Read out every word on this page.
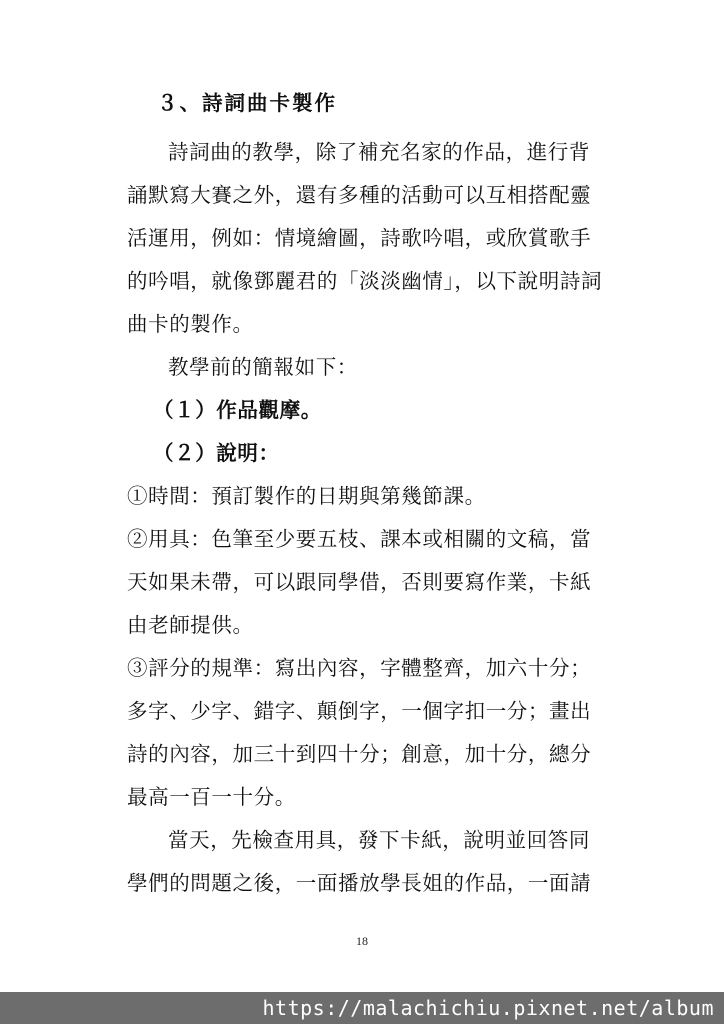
３、詩詞曲卡製作
詩詞曲的教學，除了補充名家的作品，進行背
誦默寫大賽之外，還有多種的活動可以互相搭配靈
活運用，例如：情境繪圖，詩歌吟唱，或欣賞歌手
的吟唱，就像鄧麗君的「淡淡幽情」，以下說明詩詞
曲卡的製作。
教學前的簡報如下：
（１）作品觀摩。
（２）說明：
①時間：預訂製作的日期與第幾節課。
②用具：色筆至少要五枝、課本或相關的文稿，當
天如果未帶，可以跟同學借，否則要寫作業，卡紙
由老師提供。
③評分的規準：寫出內容，字體整齊，加六十分；
多字、少字、錯字、顛倒字，一個字扣一分；畫出
詩的內容，加三十到四十分；創意，加十分，總分
最高一百一十分。
當天，先檢查用具，發下卡紙，說明並回答同
學們的問題之後，一面播放學長姐的作品，一面請
18
https://malachichiu.pixnet.net/album
